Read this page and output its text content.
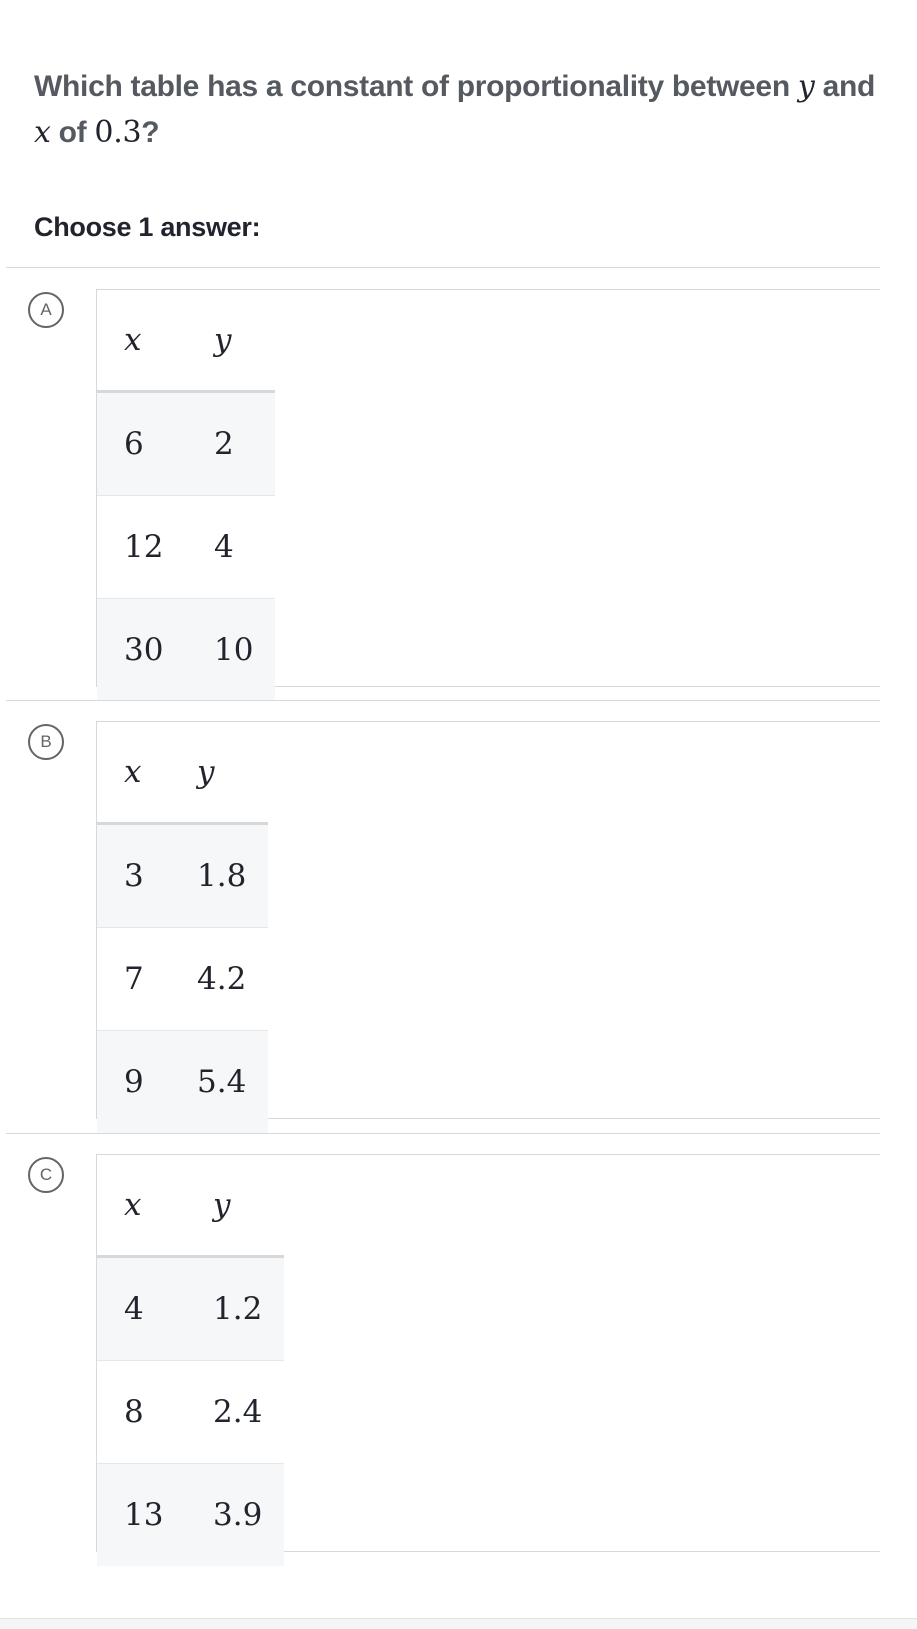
Which table has a constant of proportionality between y and
x of 0.3?
Choose 1 answer:
A
x	y
6	2
12	4
30	10
B
x	y
3	1.8
7	4.2
9	5.4
C
x	y
4	1.2
8	2.4
13	3.9
